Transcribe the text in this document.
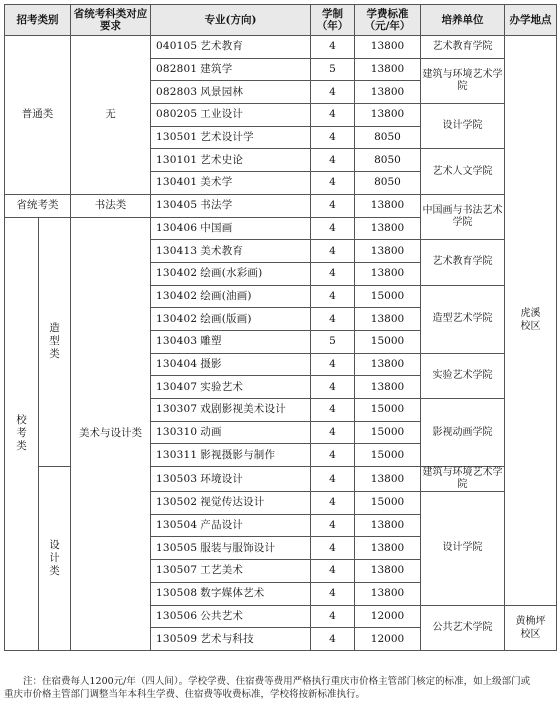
招考类别		省统考科类对应要求	专业(方向)	学制（年）	学费标准（元/年）	培养单位	办学地点
普通类		无	040105 艺术教育	4	13800	艺术教育学院	虎溪校区
			082801 建筑学	5	13800	建筑与环境艺术学院	
			082803 风景园林	4	13800		
			080205 工业设计	4	13800	设计学院	
			130501 艺术设计学	4	8050		
			130101 艺术史论	4	8050	艺术人文学院	
			130401 美术学	4	8050		
省统考类		书法类	130405 书法学	4	13800	中国画与书法艺术学院	
校考类	造型类	美术与设计类	130406 中国画	4	13800		
			130413 美术教育	4	13800	艺术教育学院	
			130402 绘画(水彩画)	4	13800		
			130402 绘画(油画)	4	15000	造型艺术学院	
			130402 绘画(版画)	4	13800		
			130403 雕塑	5	15000		
			130404 摄影	4	13800	实验艺术学院	
			130407 实验艺术	4	13800		
			130307 戏剧影视美术设计	4	15000	影视动画学院	
			130310 动画	4	15000		
			130311 影视摄影与制作	4	15000		
	设计类		130503 环境设计	4	13800	建筑与环境艺术学院	
			130502 视觉传达设计	4	15000	设计学院	
			130504 产品设计	4	13800		
			130505 服装与服饰设计	4	13800		
			130507 工艺美术	4	13800		
			130508 数字媒体艺术	4	13800		
			130506 公共艺术	4	12000	公共艺术学院	黄桷坪校区
			130509 艺术与科技	4	12000		
注：住宿费每人1200元/年（四人间）。学校学费、住宿费等费用严格执行重庆市价格主管部门核定的标准，如上级部门或重庆市价格主管部门调整当年本科生学费、住宿费等收费标准，学校将按新标准执行。
